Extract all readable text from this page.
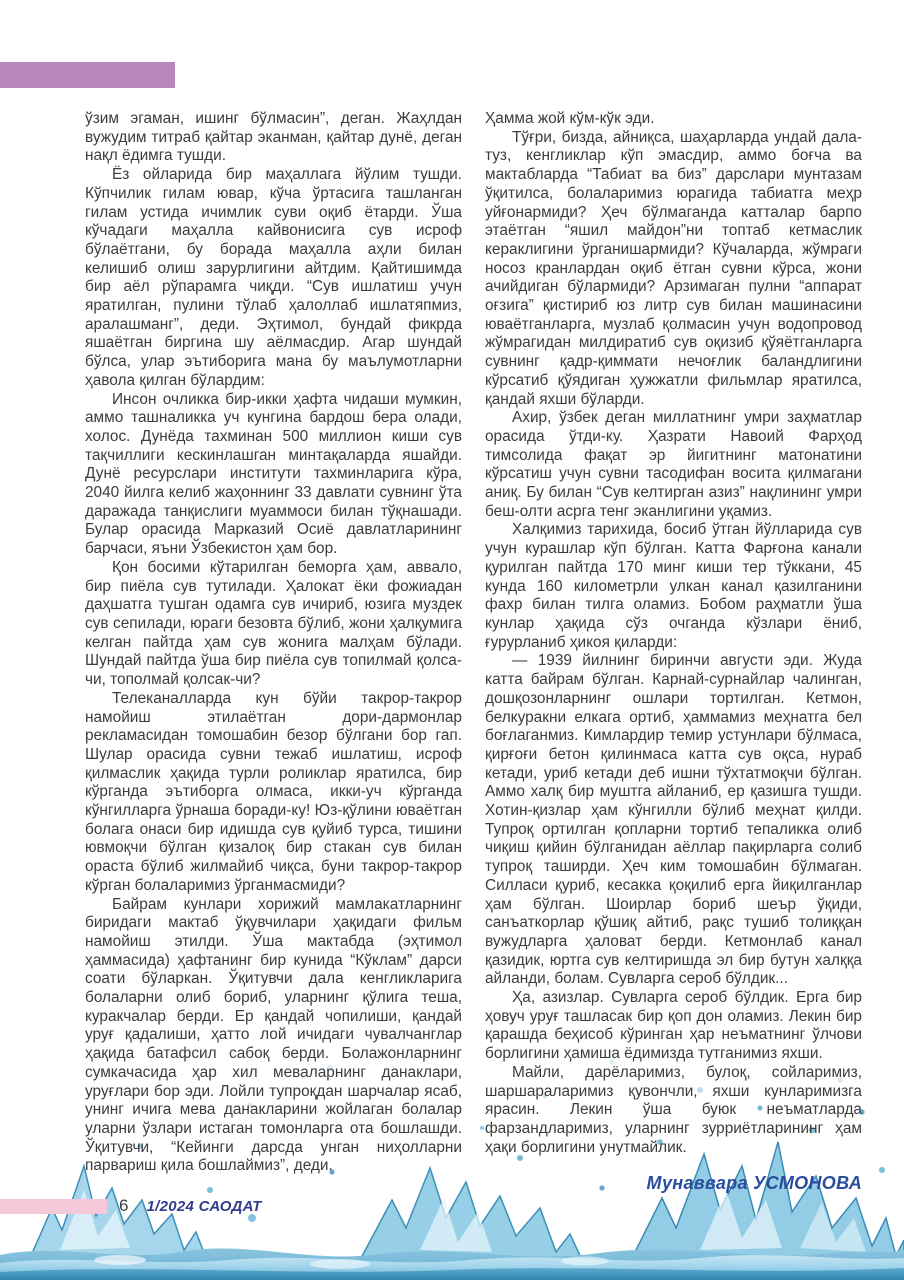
ўзим эгаман, ишинг бўлмасин”, деган. Жаҳлдан вужудим титраб қайтар эканман, қайтар дунё, деган нақл ёдимга тушди.

Ёз ойларида бир маҳаллага йўлим тушди. Кўпчилик гилам ювар, кўча ўртасига ташланган гилам устида ичимлик суви оқиб ётарди. Ўша кўчадаги маҳалла кайвонисига сув исроф бўлаётгани, бу борада маҳалла аҳли билан келишиб олиш зарурлигини айтдим. Қайтишимда бир аёл рўпарамга чиқди. “Сув ишлатиш учун яратилган, пулини тўлаб ҳалоллаб ишлатяпмиз, аралашманг”, деди. Эҳтимол, бундай фикрда яшаётган биргина шу аёлмасдир. Агар шундай бўлса, улар эътиборига мана бу маълумотларни ҳавола қилган бўлардим:

Инсон очликка бир-икки ҳафта чидаши мумкин, аммо ташналикка уч кунгина бардош бера олади, холос. Дунёда тахминан 500 миллион киши сув тақчиллиги кескинлашган минтақаларда яшайди. Дунё ресурслари институти тахминларига кўра, 2040 йилга келиб жаҳоннинг 33 давлати сувнинг ўта даражада танқислиги муаммоси билан тўқнашади. Булар орасида Марказий Осиё давлатларининг барчаси, яъни Ўзбекистон ҳам бор.

Қон босими кўтарилган беморга ҳам, аввало, бир пиёла сув тутилади. Ҳалокат ёки фожиадан даҳшатга тушган одамга сув ичириб, юзига муздек сув сепилади, юраги безовта бўлиб, жони ҳалқумига келган пайтда ҳам сув жонига малҳам бўлади. Шундай пайтда ўша бир пиёла сув топилмай қолса-чи, тополмай қолсак-чи?

Телеканалларда кун бўйи такрор-такрор намойиш этилаётган дори-дармонлар рекламасидан томошабин безор бўлгани бор гап. Шулар орасида сувни тежаб ишлатиш, исроф қилмаслик ҳақида турли роликлар яратилса, бир кўрганда эътиборга олмаса, икки-уч кўрганда кўнгилларга ўрнаша боради-ку! Юз-қўлини юваётган болага онаси бир идишда сув қуйиб турса, тишини ювмоқчи бўлган қизалоқ бир стакан сув билан ораста бўлиб жилмайиб чиқса, буни такрор-такрор кўрган болаларимиз ўрганмасмиди?

Байрам кунлари хорижий мамлакатларнинг биридаги мактаб ўқувчилари ҳақидаги фильм намойиш этилди. Ўша мактабда (эҳтимол ҳаммасида) ҳафтанинг бир кунида “Кўклам” дарси соати бўларкан. Ўқитувчи дала кенгликларига болаларни олиб бориб, уларнинг қўлига теша, куракчалар берди. Ер қандай чопилиши, қандай уруғ қадалиши, ҳатто лой ичидаги чувалчанглар ҳақида батафсил сабоқ берди. Болажонларнинг сумкачасида ҳар хил меваларнинг данаклари, уруғлари бор эди. Лойли тупроқдан шарчалар ясаб, унинг ичига мева данакларини жойлаган болалар уларни ўзлари истаган томонларга ота бошлашди. Ўқитувчи, “Кейинги дарсда унган ниҳолларни парвариш қила бошлаймиз”, деди.

Ҳамма жой кўм-кўк эди.

Тўғри, бизда, айниқса, шаҳарларда ундай дала-туз, кенгликлар кўп эмасдир, аммо боғча ва мактабларда “Табиат ва биз” дарслари мунтазам ўқитилса, болаларимиз юрагида табиатга меҳр уйғонармиди? Ҳеч бўлмаганда катталар барпо этаётган “яшил майдон”ни топтаб кетмаслик кераклигини ўрганишармиди? Кўчаларда, жўмраги носоз кранлардан оқиб ётган сувни кўрса, жони ачийдиган бўлармиди? Арзимаган пулни “аппарат оғзига” қистириб юз литр сув билан машинасини юваётганларга, музлаб қолмасин учун водопровод жўмрагидан милдиратиб сув оқизиб қўяётганларга сувнинг қадр-қиммати нечоғлик баландлигини кўрсатиб қўядиган ҳужжатли фильмлар яратилса, қандай яхши бўларди.

Ахир, ўзбек деган миллатнинг умри заҳматлар орасида ўтди-ку. Ҳазрати Навоий Фарҳод тимсолида фақат эр йигитнинг матонатини кўрсатиш учун сувни тасодифан восита қилмагани аниқ. Бу билан “Сув келтирган азиз” нақлининг умри беш-олти асрга тенг эканлигини уқамиз.

Халқимиз тарихида, босиб ўтган йўлларида сув учун курашлар кўп бўлган. Катта Фарғона канали қурилган пайтда 170 минг киши тер тўккани, 45 кунда 160 километрли улкан канал қазилганини фахр билан тилга оламиз. Бобом раҳматли ўша кунлар ҳақида сўз очганда кўзлари ёниб, ғурурланиб ҳикоя қиларди:

— 1939 йилнинг биринчи августи эди. Жуда катта байрам бўлган. Карнай-сурнайлар чалинган, дошқозонларнинг ошлари тортилган. Кетмон, белкуракни елкага ортиб, ҳаммамиз меҳнатга бел боғлаганмиз. Кимлардир темир устунлари бўлмаса, қирғоғи бетон қилинмаса катта сув оқса, нураб кетади, уриб кетади деб ишни тўхтатмоқчи бўлган. Аммо халқ бир муштга айланиб, ер қазишга тушди. Хотин-қизлар ҳам кўнгилли бўлиб меҳнат қилди. Тупроқ ортилган қопларни тортиб тепаликка олиб чиқиш қийин бўлганидан аёллар пақирларга солиб тупроқ таширди. Ҳеч ким томошабин бўлмаган. Силласи қуриб, кесакка қоқилиб ерга йиқилганлар ҳам бўлган. Шоирлар бориб шеър ўқиди, санъаткорлар қўшиқ айтиб, рақс тушиб толиққан вужудларга ҳаловат берди. Кетмонлаб канал қазидик, юртга сув келтиришда эл бир бутун халққа айланди, болам. Сувларга сероб бўлдик...

Ҳа, азизлар. Сувларга сероб бўлдик. Ерга бир ҳовуч уруғ ташласак бир қоп дон оламиз. Лекин бир қарашда беҳисоб кўринган ҳар неъматнинг ўлчови борлигини ҳамиша ёдимизда тутганимиз яхши.

Майли, дарёларимиз, булоқ, сойларимиз, шаршараларимиз қувончли, яхши кунларимизга ярасин. Лекин ўша буюк неъматларда фарзандларимиз, уларнинг зурриётларининг ҳам ҳақи борлигини унутмайлик.

Мунаввара УСМОНОВА
6 1/2024 САОДАТ
